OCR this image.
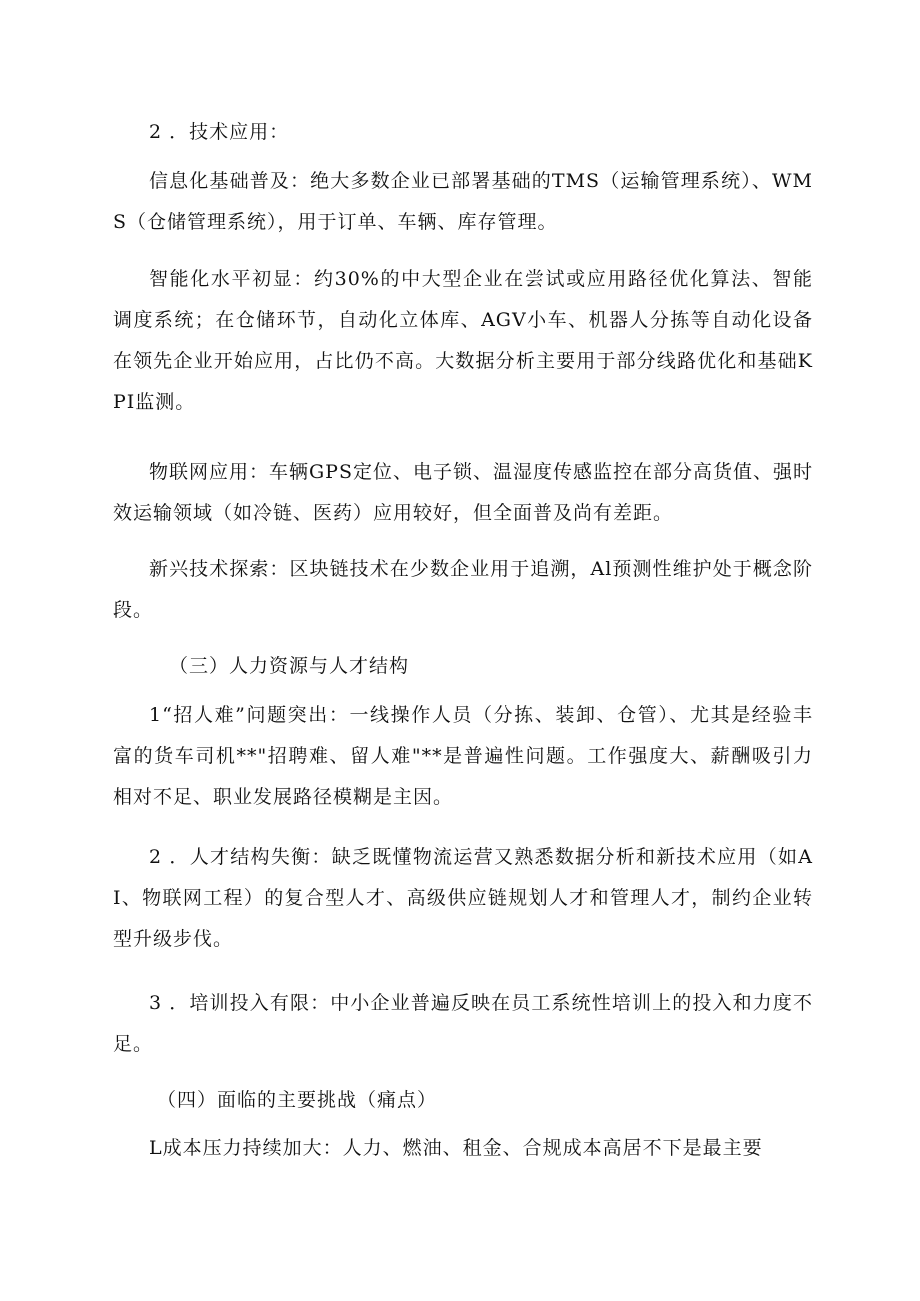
2 ．技术应用：

信息化基础普及：绝大多数企业已部署基础的TMS（运输管理系统）、WMS（仓储管理系统），用于订单、车辆、库存管理。

智能化水平初显：约30%的中大型企业在尝试或应用路径优化算法、智能调度系统；在仓储环节，自动化立体库、AGV小车、机器人分拣等自动化设备在领先企业开始应用，占比仍不高。大数据分析主要用于部分线路优化和基础KPI监测。

物联网应用：车辆GPS定位、电子锁、温湿度传感监控在部分高货值、强时效运输领域（如冷链、医药）应用较好，但全面普及尚有差距。

新兴技术探索：区块链技术在少数企业用于追溯，Al预测性维护处于概念阶段。

（三）人力资源与人才结构

1“招人难”问题突出：一线操作人员（分拣、装卸、仓管）、尤其是经验丰富的货车司机**"招聘难、留人难"**是普遍性问题。工作强度大、薪酬吸引力相对不足、职业发展路径模糊是主因。

2 ．人才结构失衡：缺乏既懂物流运营又熟悉数据分析和新技术应用（如AI、物联网工程）的复合型人才、高级供应链规划人才和管理人才，制约企业转型升级步伐。

3 ．培训投入有限：中小企业普遍反映在员工系统性培训上的投入和力度不足。

（四）面临的主要挑战（痛点）

L成本压力持续加大：人力、燃油、租金、合规成本高居不下是最主要
